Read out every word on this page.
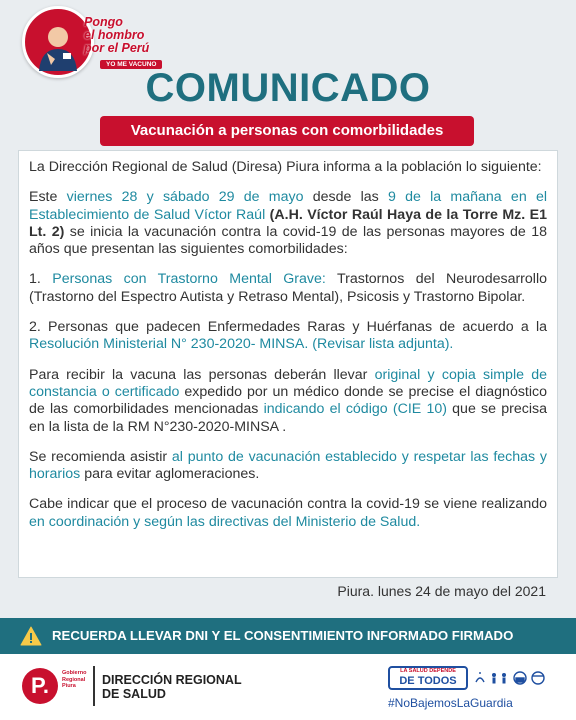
Pongo
el hombro
por el Perú
YO ME VACUNO
COMUNICADO
Vacunación a personas con comorbilidades

La Dirección Regional de Salud (Diresa) Piura informa a la población lo siguiente:

Este viernes 28 y sábado 29 de mayo desde las 9 de la mañana en el Establecimiento de Salud Víctor Raúl (A.H. Víctor Raúl Haya de la Torre Mz. E1 Lt. 2) se inicia la vacunación contra la covid-19 de las personas mayores de 18 años que presentan las siguientes comorbilidades:

1. Personas con Trastorno Mental Grave: Trastornos del Neurodesarrollo (Trastorno del Espectro Autista y Retraso Mental), Psicosis y Trastorno Bipolar.

2. Personas que padecen Enfermedades Raras y Huérfanas de acuerdo a la Resolución Ministerial N° 230-2020- MINSA. (Revisar lista adjunta).

Para recibir la vacuna las personas deberán llevar original y copia simple de constancia o certificado expedido por un médico donde se precise el diagnóstico de las comorbilidades mencionadas indicando el código (CIE 10) que se precisa en la lista de la RM N°230-2020-MINSA .

Se recomienda asistir al punto de vacunación establecido y respetar las fechas y horarios para evitar aglomeraciones.

Cabe indicar que el proceso de vacunación contra la covid-19 se viene realizando en coordinación y según las directivas del Ministerio de Salud.

Piura. lunes 24 de mayo del 2021
RECUERDA LLEVAR DNI Y EL CONSENTIMIENTO INFORMADO FIRMADO
P.	Gobierno Regional Piura	DIRECCIÓN REGIONAL
DE SALUD
LA SALUD DEPENDE
DE TODOS
#NoBajemosLaGuardia
